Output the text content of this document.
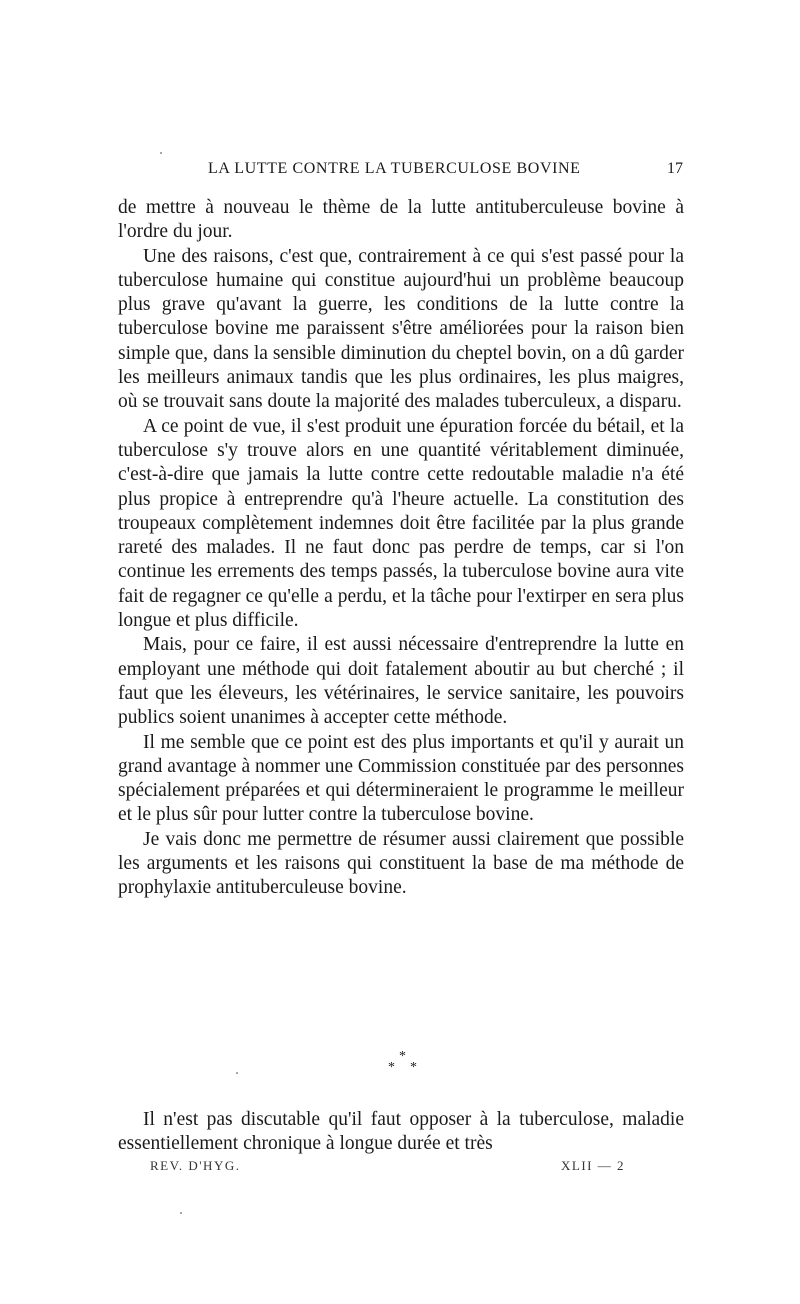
LA LUTTE CONTRE LA TUBERCULOSE BOVINE	17

de mettre à nouveau le thème de la lutte antituberculeuse bovine à l'ordre du jour.

Une des raisons, c'est que, contrairement à ce qui s'est passé pour la tuberculose humaine qui constitue aujourd'hui un problème beaucoup plus grave qu'avant la guerre, les conditions de la lutte contre la tuberculose bovine me paraissent s'être améliorées pour la raison bien simple que, dans la sensible diminution du cheptel bovin, on a dû garder les meilleurs animaux tandis que les plus ordinaires, les plus maigres, où se trouvait sans doute la majorité des malades tuberculeux, a disparu.

A ce point de vue, il s'est produit une épuration forcée du bétail, et la tuberculose s'y trouve alors en une quantité véritablement diminuée, c'est-à-dire que jamais la lutte contre cette redoutable maladie n'a été plus propice à entreprendre qu'à l'heure actuelle. La constitution des troupeaux complètement indemnes doit être facilitée par la plus grande rareté des malades. Il ne faut donc pas perdre de temps, car si l'on continue les errements des temps passés, la tuberculose bovine aura vite fait de regagner ce qu'elle a perdu, et la tâche pour l'extirper en sera plus longue et plus difficile.

Mais, pour ce faire, il est aussi nécessaire d'entreprendre la lutte en employant une méthode qui doit fatalement aboutir au but cherché ; il faut que les éleveurs, les vétérinaires, le service sanitaire, les pouvoirs publics soient unanimes à accepter cette méthode.

Il me semble que ce point est des plus importants et qu'il y aurait un grand avantage à nommer une Commission constituée par des personnes spécialement préparées et qui détermineraient le programme le meilleur et le plus sûr pour lutter contre la tuberculose bovine.

Je vais donc me permettre de résumer aussi clairement que possible les arguments et les raisons qui constituent la base de ma méthode de prophylaxie antituberculeuse bovine.

*
* *

Il n'est pas discutable qu'il faut opposer à la tuberculose, maladie essentiellement chronique à longue durée et très

REV. D'HYG.	XLII — 2
